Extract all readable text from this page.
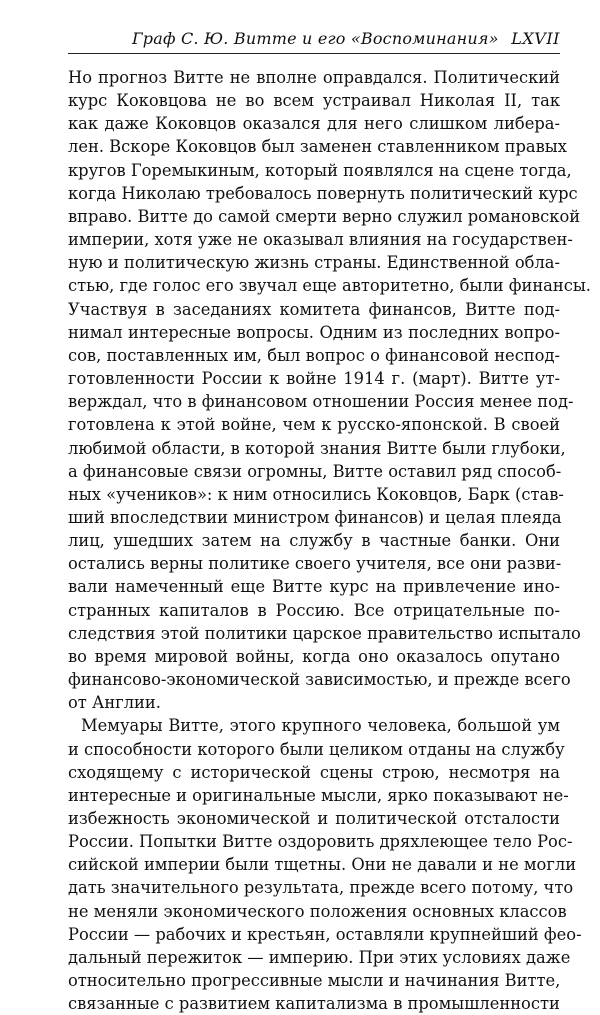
Граф С. Ю. Витте и его «Воспоминания» LXVII

Но прогноз Витте не вполне оправдался. Политический
курс Коковцова не во всем устраивал Николая II, так
как даже Коковцов оказался для него слишком либера-
лен. Вскоре Коковцов был заменен ставленником правых
кругов Горемыкиным, который появлялся на сцене тогда,
когда Николаю требовалось повернуть политический курс
вправо. Витте до самой смерти верно служил романовской
империи, хотя уже не оказывал влияния на государствен-
ную и политическую жизнь страны. Единственной обла-
стью, где голос его звучал еще авторитетно, были финансы.
Участвуя в заседаниях комитета финансов, Витте под-
нимал интересные вопросы. Одним из последних вопро-
сов, поставленных им, был вопрос о финансовой неспод-
готовленности России к войне 1914 г. (март). Витте ут-
верждал, что в финансовом отношении Россия менее под-
готовлена к этой войне, чем к русско-японской. В своей
любимой области, в которой знания Витте были глубоки,
а финансовые связи огромны, Витте оставил ряд способ-
ных «учеников»: к ним относились Коковцов, Барк (став-
ший впоследствии министром финансов) и целая плеяда
лиц, ушедших затем на службу в частные банки. Они
остались верны политике своего учителя, все они разви-
вали намеченный еще Витте курс на привлечение ино-
странных капиталов в Россию. Все отрицательные по-
следствия этой политики царское правительство испытало
во время мировой войны, когда оно оказалось опутано
финансово-экономической зависимостью, и прежде всего
от Англии.

Мемуары Витте, этого крупного человека, большой ум
и способности которого были целиком отданы на службу
сходящему с исторической сцены строю, несмотря на
интересные и оригинальные мысли, ярко показывают не-
избежность экономической и политической отсталости
России. Попытки Витте оздоровить дряхлеющее тело Рос-
сийской империи были тщетны. Они не давали и не могли
дать значительного результата, прежде всего потому, что
не меняли экономического положения основных классов
России — рабочих и крестьян, оставляли крупнейший фео-
дальный пережиток — империю. При этих условиях даже
относительно прогрессивные мысли и начинания Витте,
связанные с развитием капитализма в промышленности
